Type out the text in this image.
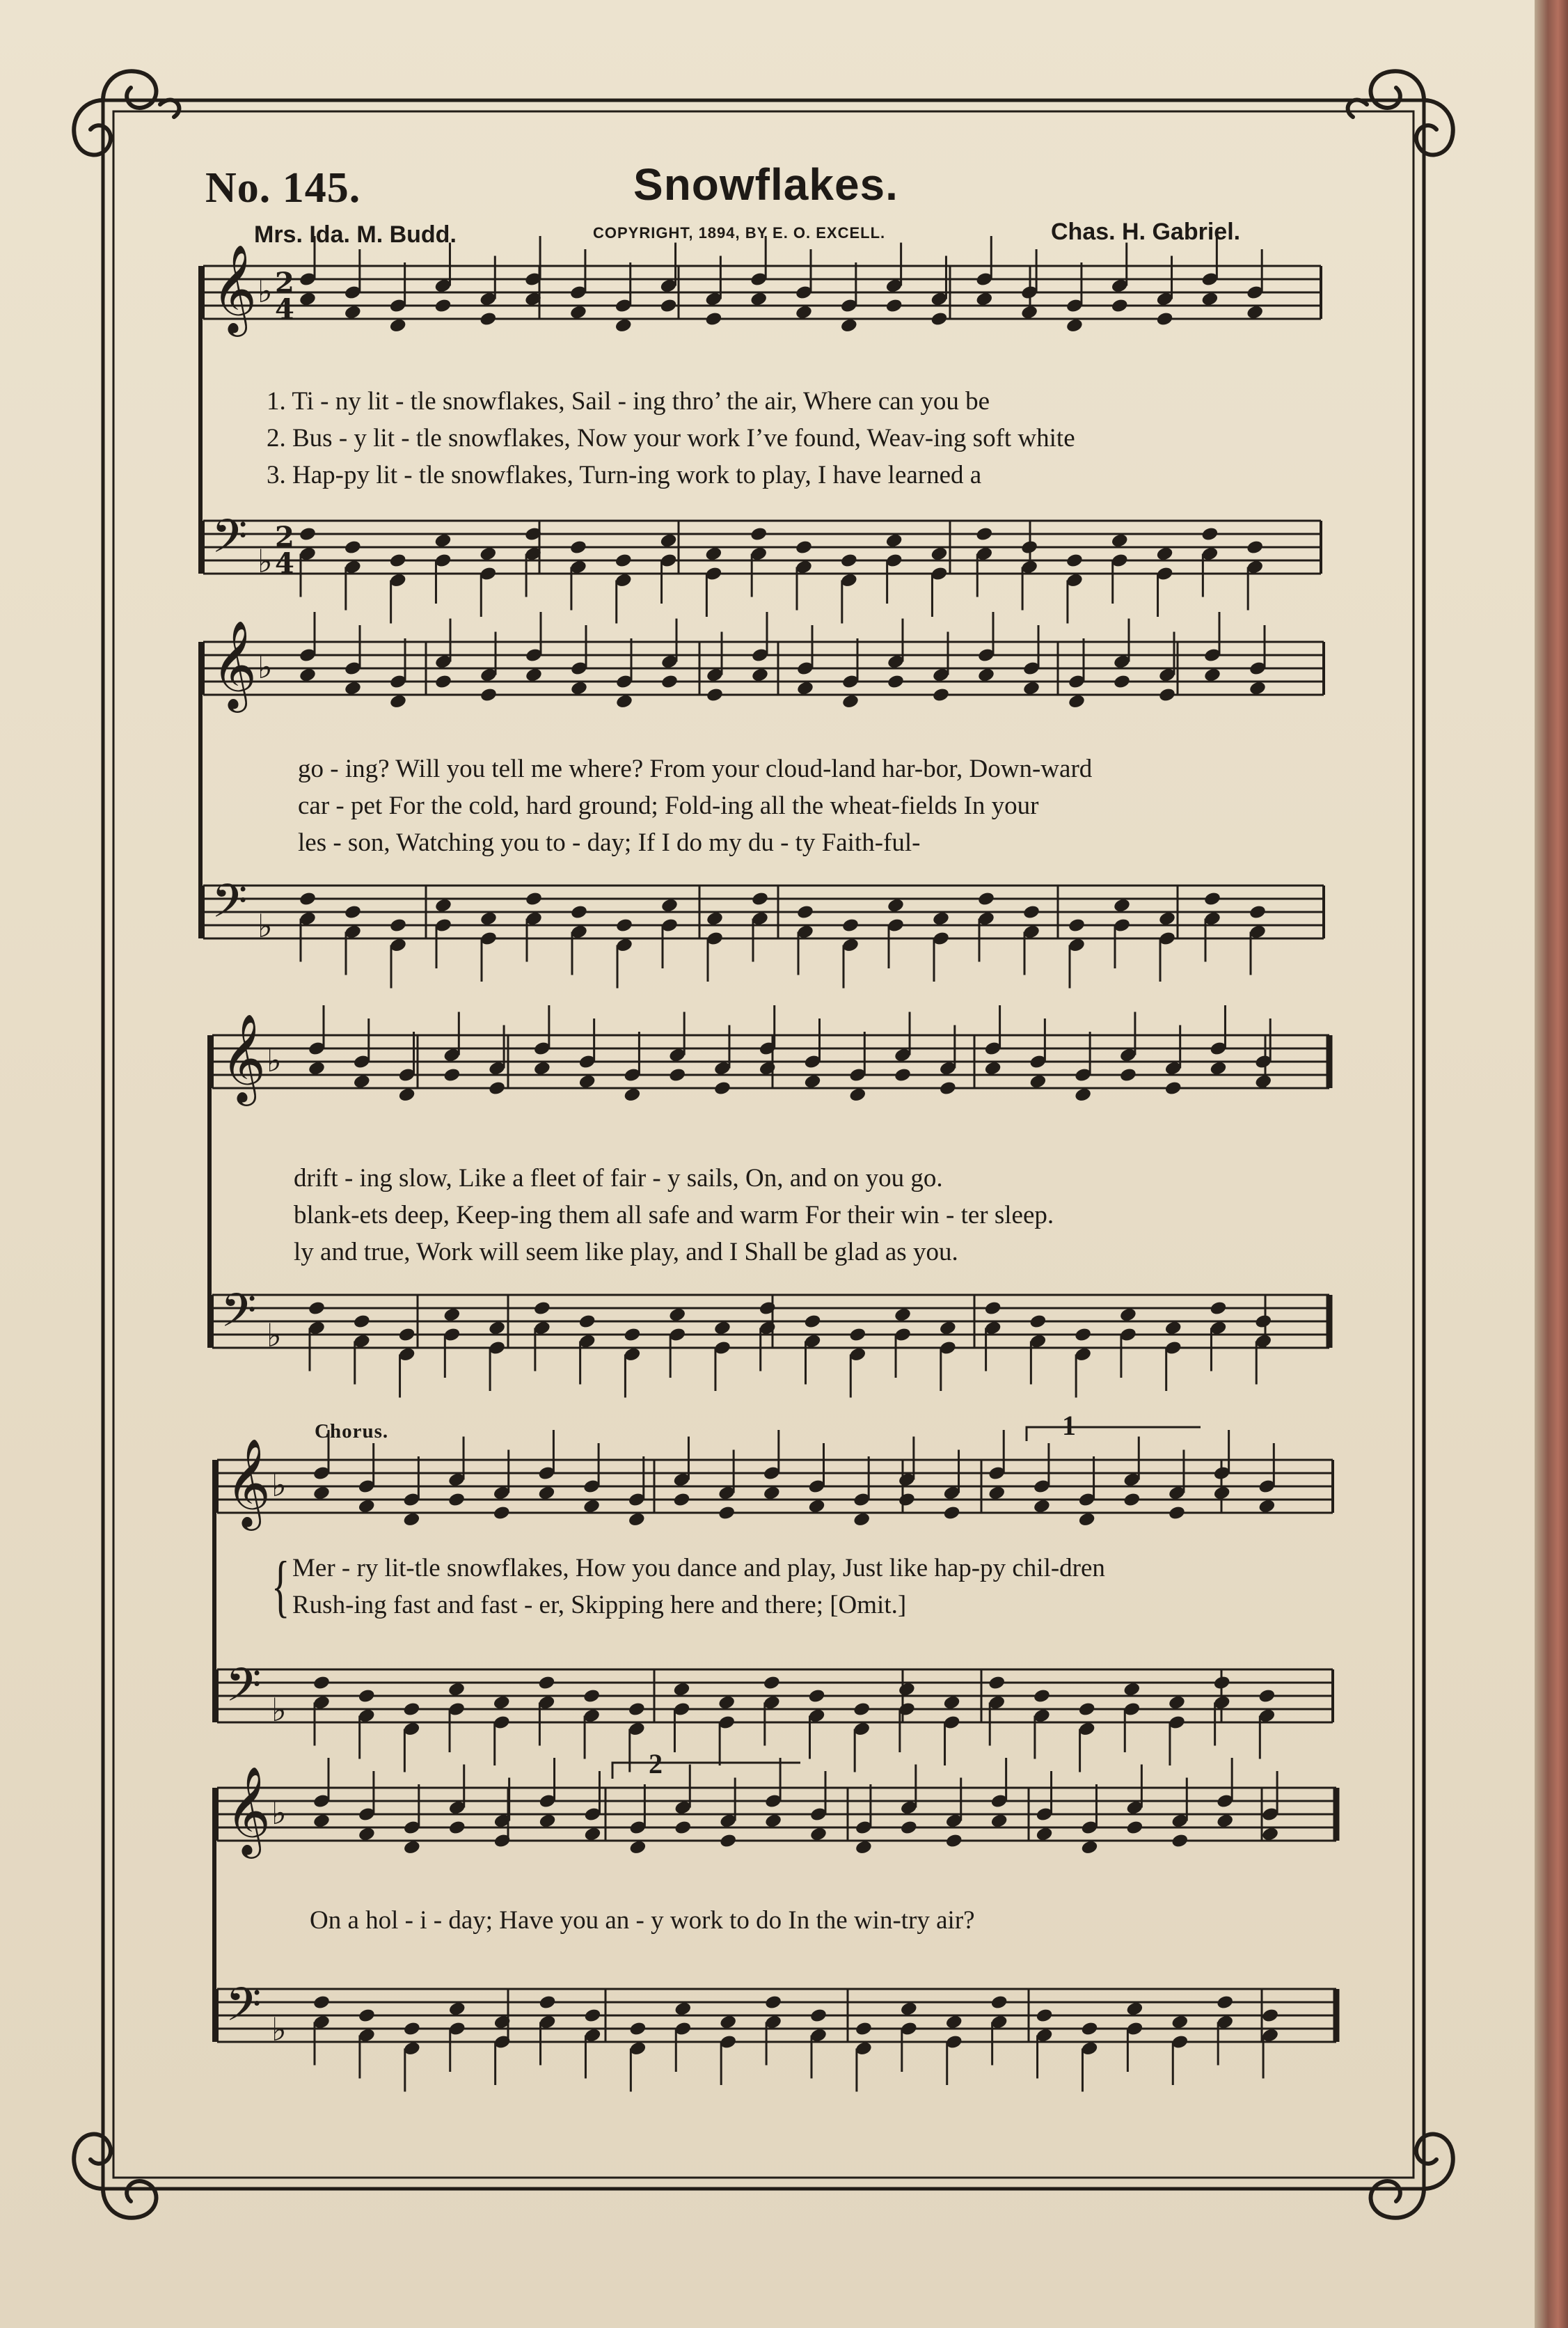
No. 145.	Snowflakes.
Mrs. Ida. M. Budd.	COPYRIGHT, 1894, BY E. O. EXCELL.	Chas. H. Gabriel.
1. Ti - ny lit - tle snowflakes, Sail - ing thro’ the air, Where can you be
2. Bus - y lit - tle snowflakes, Now your work I’ve found, Weav-ing soft white
3. Hap-py lit - tle snowflakes, Turn-ing work to play, I have learned a
go - ing? Will you tell me where? From your cloud-land har-bor, Down-ward
car - pet For the cold, hard ground; Fold-ing all the wheat-fields In your
les - son, Watching you to - day; If I do my du - ty Faith-ful-
drift - ing slow, Like a fleet of fair - y sails, On, and on you go.
blank-ets deep, Keep-ing them all safe and warm For their win - ter sleep.
ly and true, Work will seem like play, and I Shall be glad as you.
Chorus.
{ Mer - ry lit-tle snowflakes, How you dance and play, Just like hap-py chil-dren
Rush-ing fast and fast - er, Skipping here and there; [Omit.]
1
On a hol - i - day; Have you an - y work to do In the win-try air?
2
𝄞 ♭
𝄢 ♭
2
4
2
4
𝄞 ♭
𝄢 ♭
𝄞 ♭
𝄢 ♭
𝄞 ♭
𝄢 ♭
𝄞 ♭
𝄢 ♭
